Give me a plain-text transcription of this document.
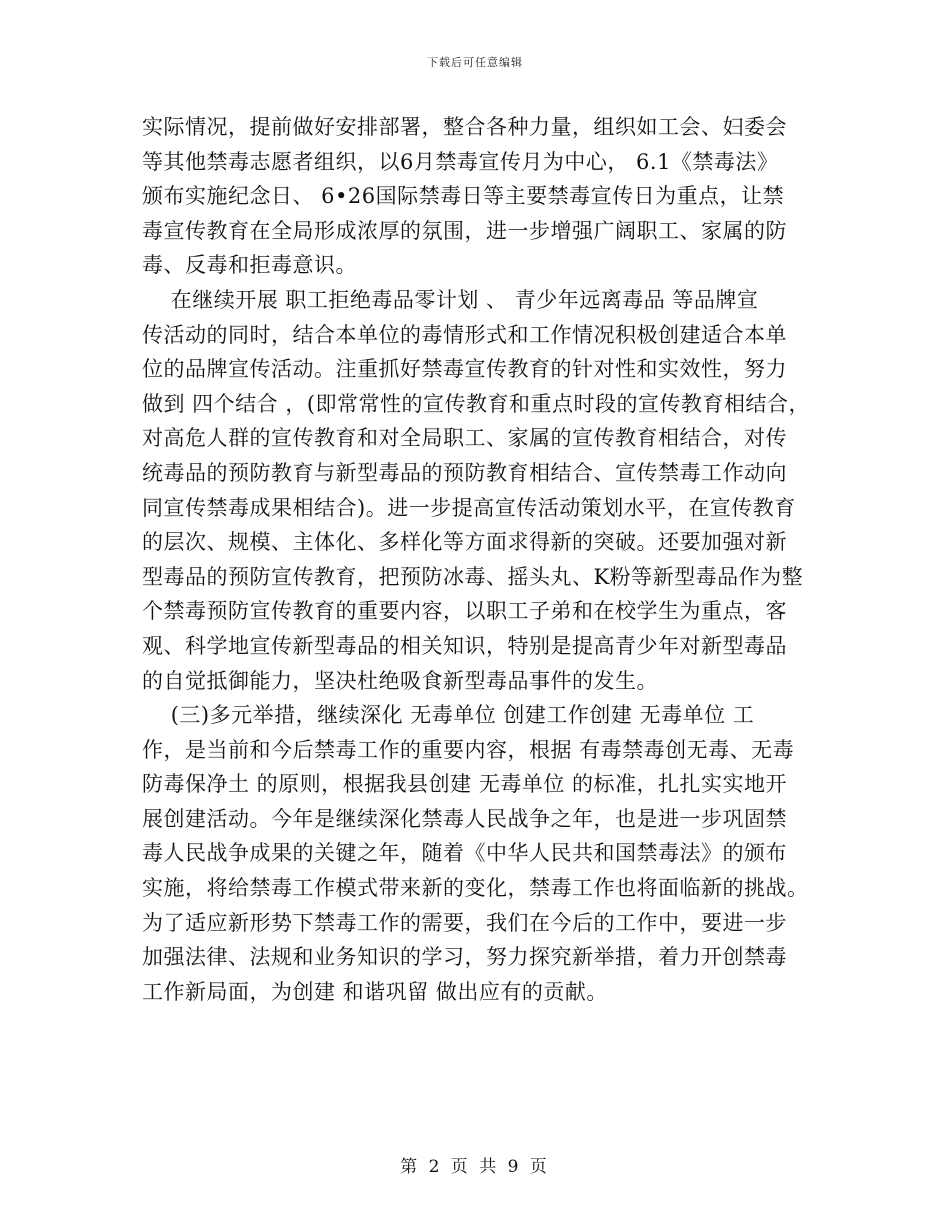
下载后可任意编辑
实际情况，提前做好安排部署，整合各种力量，组织如工会、妇委会
等其他禁毒志愿者组织，以6月禁毒宣传月为中心， 6.1《禁毒法》
颁布实施纪念日、 6•26国际禁毒日等主要禁毒宣传日为重点，让禁
毒宣传教育在全局形成浓厚的氛围，进一步增强广阔职工、家属的防
毒、反毒和拒毒意识。
在继续开展 职工拒绝毒品零计划 、 青少年远离毒品 等品牌宣
传活动的同时，结合本单位的毒情形式和工作情况积极创建适合本单
位的品牌宣传活动。注重抓好禁毒宣传教育的针对性和实效性，努力
做到 四个结合 ，(即常常性的宣传教育和重点时段的宣传教育相结合，
对高危人群的宣传教育和对全局职工、家属的宣传教育相结合，对传
统毒品的预防教育与新型毒品的预防教育相结合、宣传禁毒工作动向
同宣传禁毒成果相结合)。进一步提高宣传活动策划水平，在宣传教育
的层次、规模、主体化、多样化等方面求得新的突破。还要加强对新
型毒品的预防宣传教育，把预防冰毒、摇头丸、K粉等新型毒品作为整
个禁毒预防宣传教育的重要内容，以职工子弟和在校学生为重点，客
观、科学地宣传新型毒品的相关知识，特别是提高青少年对新型毒品
的自觉抵御能力，坚决杜绝吸食新型毒品事件的发生。
(三)多元举措，继续深化 无毒单位 创建工作创建 无毒单位 工
作，是当前和今后禁毒工作的重要内容，根据 有毒禁毒创无毒、无毒
防毒保净土 的原则，根据我县创建 无毒单位 的标准，扎扎实实地开
展创建活动。今年是继续深化禁毒人民战争之年，也是进一步巩固禁
毒人民战争成果的关键之年，随着《中华人民共和国禁毒法》的颁布
实施，将给禁毒工作模式带来新的变化，禁毒工作也将面临新的挑战。
为了适应新形势下禁毒工作的需要，我们在今后的工作中，要进一步
加强法律、法规和业务知识的学习，努力探究新举措，着力开创禁毒
工作新局面，为创建 和谐巩留 做出应有的贡献。
第 2 页 共 9 页
